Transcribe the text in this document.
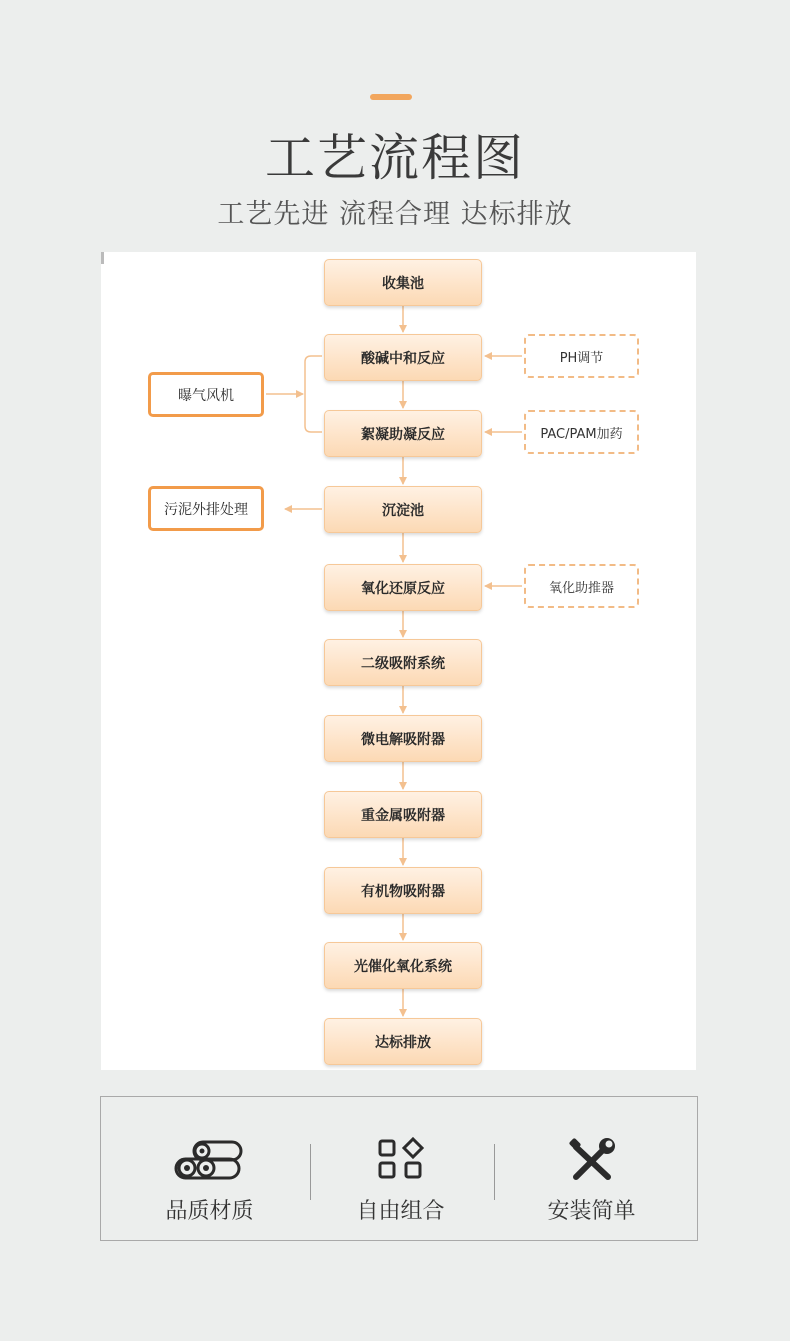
工艺流程图
工艺先进 流程合理 达标排放
收集池
酸碱中和反应
絮凝助凝反应
沉淀池
氧化还原反应
二级吸附系统
微电解吸附器
重金属吸附器
有机物吸附器
光催化氧化系统
达标排放
PH调节
PAC/PAM加药
氧化助推器
曝气风机
污泥外排处理
品质材质	自由组合	安装简单
